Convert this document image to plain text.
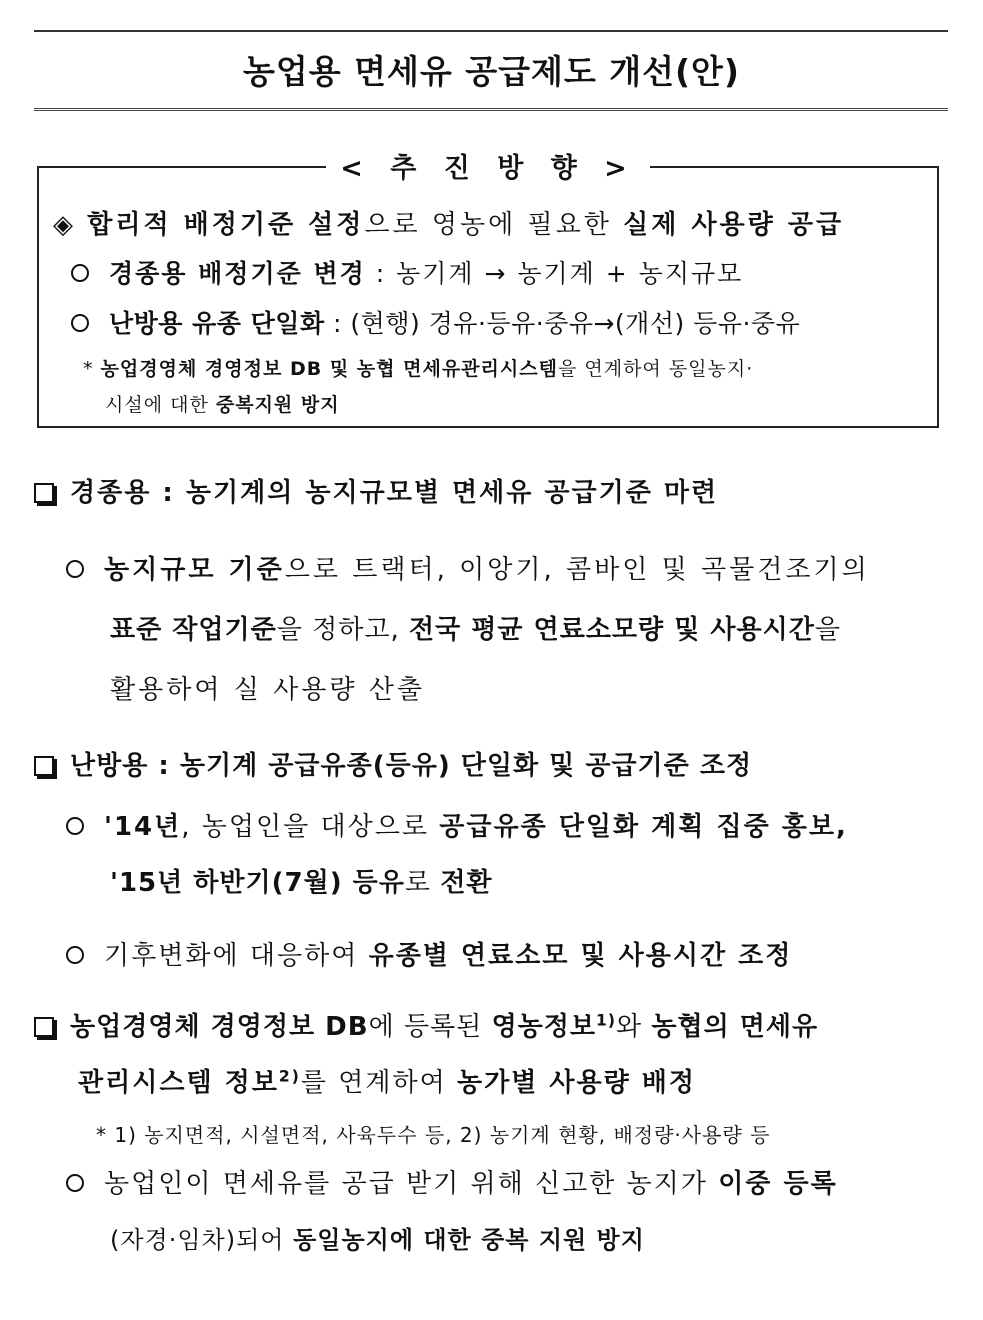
농업용 면세유 공급제도 개선(안)
< 추 진 방 향 >
◈ 합리적 배정기준 설정으로 영농에 필요한 실제 사용량 공급
경종용 배정기준 변경 : 농기계 → 농기계 + 농지규모
난방용 유종 단일화 : (현행) 경유·등유·중유→(개선) 등유·중유
* 농업경영체 경영정보 DB 및 농협 면세유관리시스템을 연계하여 동일농지·
시설에 대한 중복지원 방지
경종용 : 농기계의 농지규모별 면세유 공급기준 마련
농지규모 기준으로 트랙터, 이앙기, 콤바인 및 곡물건조기의
표준 작업기준을 정하고, 전국 평균 연료소모량 및 사용시간을
활용하여 실 사용량 산출
난방용 : 농기계 공급유종(등유) 단일화 및 공급기준 조정
'14년, 농업인을 대상으로 공급유종 단일화 계획 집중 홍보,
'15년 하반기(7월) 등유로 전환
기후변화에 대응하여 유종별 연료소모 및 사용시간 조정
농업경영체 경영정보 DB에 등록된 영농정보$^{1)}$와 농협의 면세유
관리시스템 정보$^{2)}$를 연계하여 농가별 사용량 배정
* 1) 농지면적, 시설면적, 사육두수 등, 2) 농기계 현황, 배정량·사용량 등
농업인이 면세유를 공급 받기 위해 신고한 농지가 이중 등록
(자경·임차)되어 동일농지에 대한 중복 지원 방지
